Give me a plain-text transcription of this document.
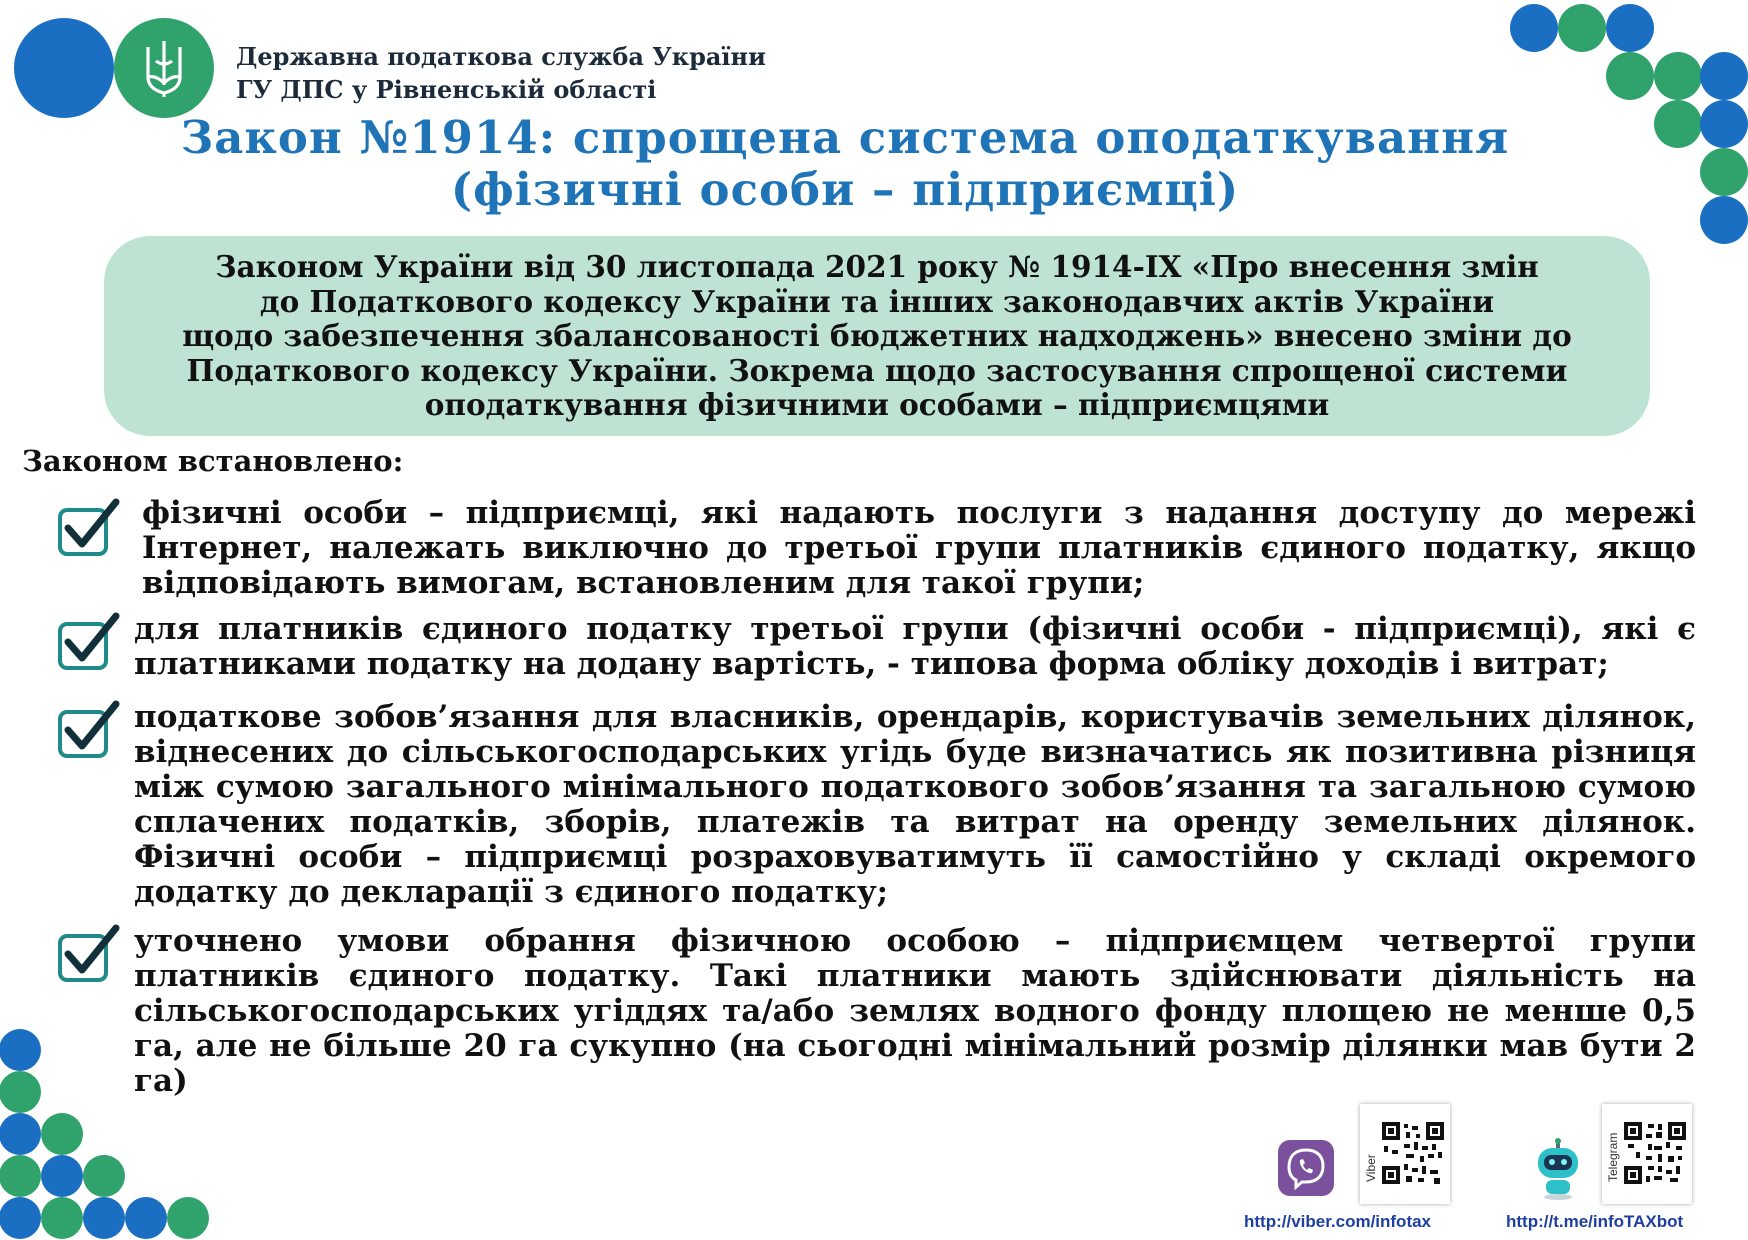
Державна податкова служба України
ГУ ДПС у Рівненській області
Закон №1914: спрощена система оподаткування
(фізичні особи – підприємці)
Законом України від 30 листопада 2021 року № 1914-IX «Про внесення змін
до Податкового кодексу України та інших законодавчих актів України
щодо забезпечення збалансованості бюджетних надходжень» внесено зміни до
Податкового кодексу України. Зокрема щодо застосування спрощеної системи
оподаткування фізичними особами – підприємцями
Законом встановлено:
фізичні особи – підприємці, які надають послуги з надання доступу до мережі Інтернет, належать виключно до третьої групи платників єдиного податку, якщо відповідають вимогам, встановленим для такої групи;
для платників єдиного податку третьої групи (фізичні особи - підприємці), які є платниками податку на додану вартість, - типова форма обліку доходів і витрат;
податкове зобов’язання для власників, орендарів, користувачів земельних ділянок, віднесених до сільськогосподарських угідь буде визначатись як позитивна різниця між сумою загального мінімального податкового зобов’язання та загальною сумою сплачених податків, зборів, платежів та витрат на оренду земельних ділянок. Фізичні особи – підприємці розраховуватимуть її самостійно у складі окремого додатку до декларації з єдиного податку;
уточнено умови обрання фізичною особою – підприємцем четвертої групи платників єдиного податку. Такі платники мають здійснювати діяльність на сільськогосподарських угіддях та/або землях водного фонду площею не менше 0,5 га, але не більше 20 га сукупно (на сьогодні мінімальний розмір ділянки мав бути 2 га)
Viber
http://viber.com/infotax
Telegram
http://t.me/infoTAXbot
